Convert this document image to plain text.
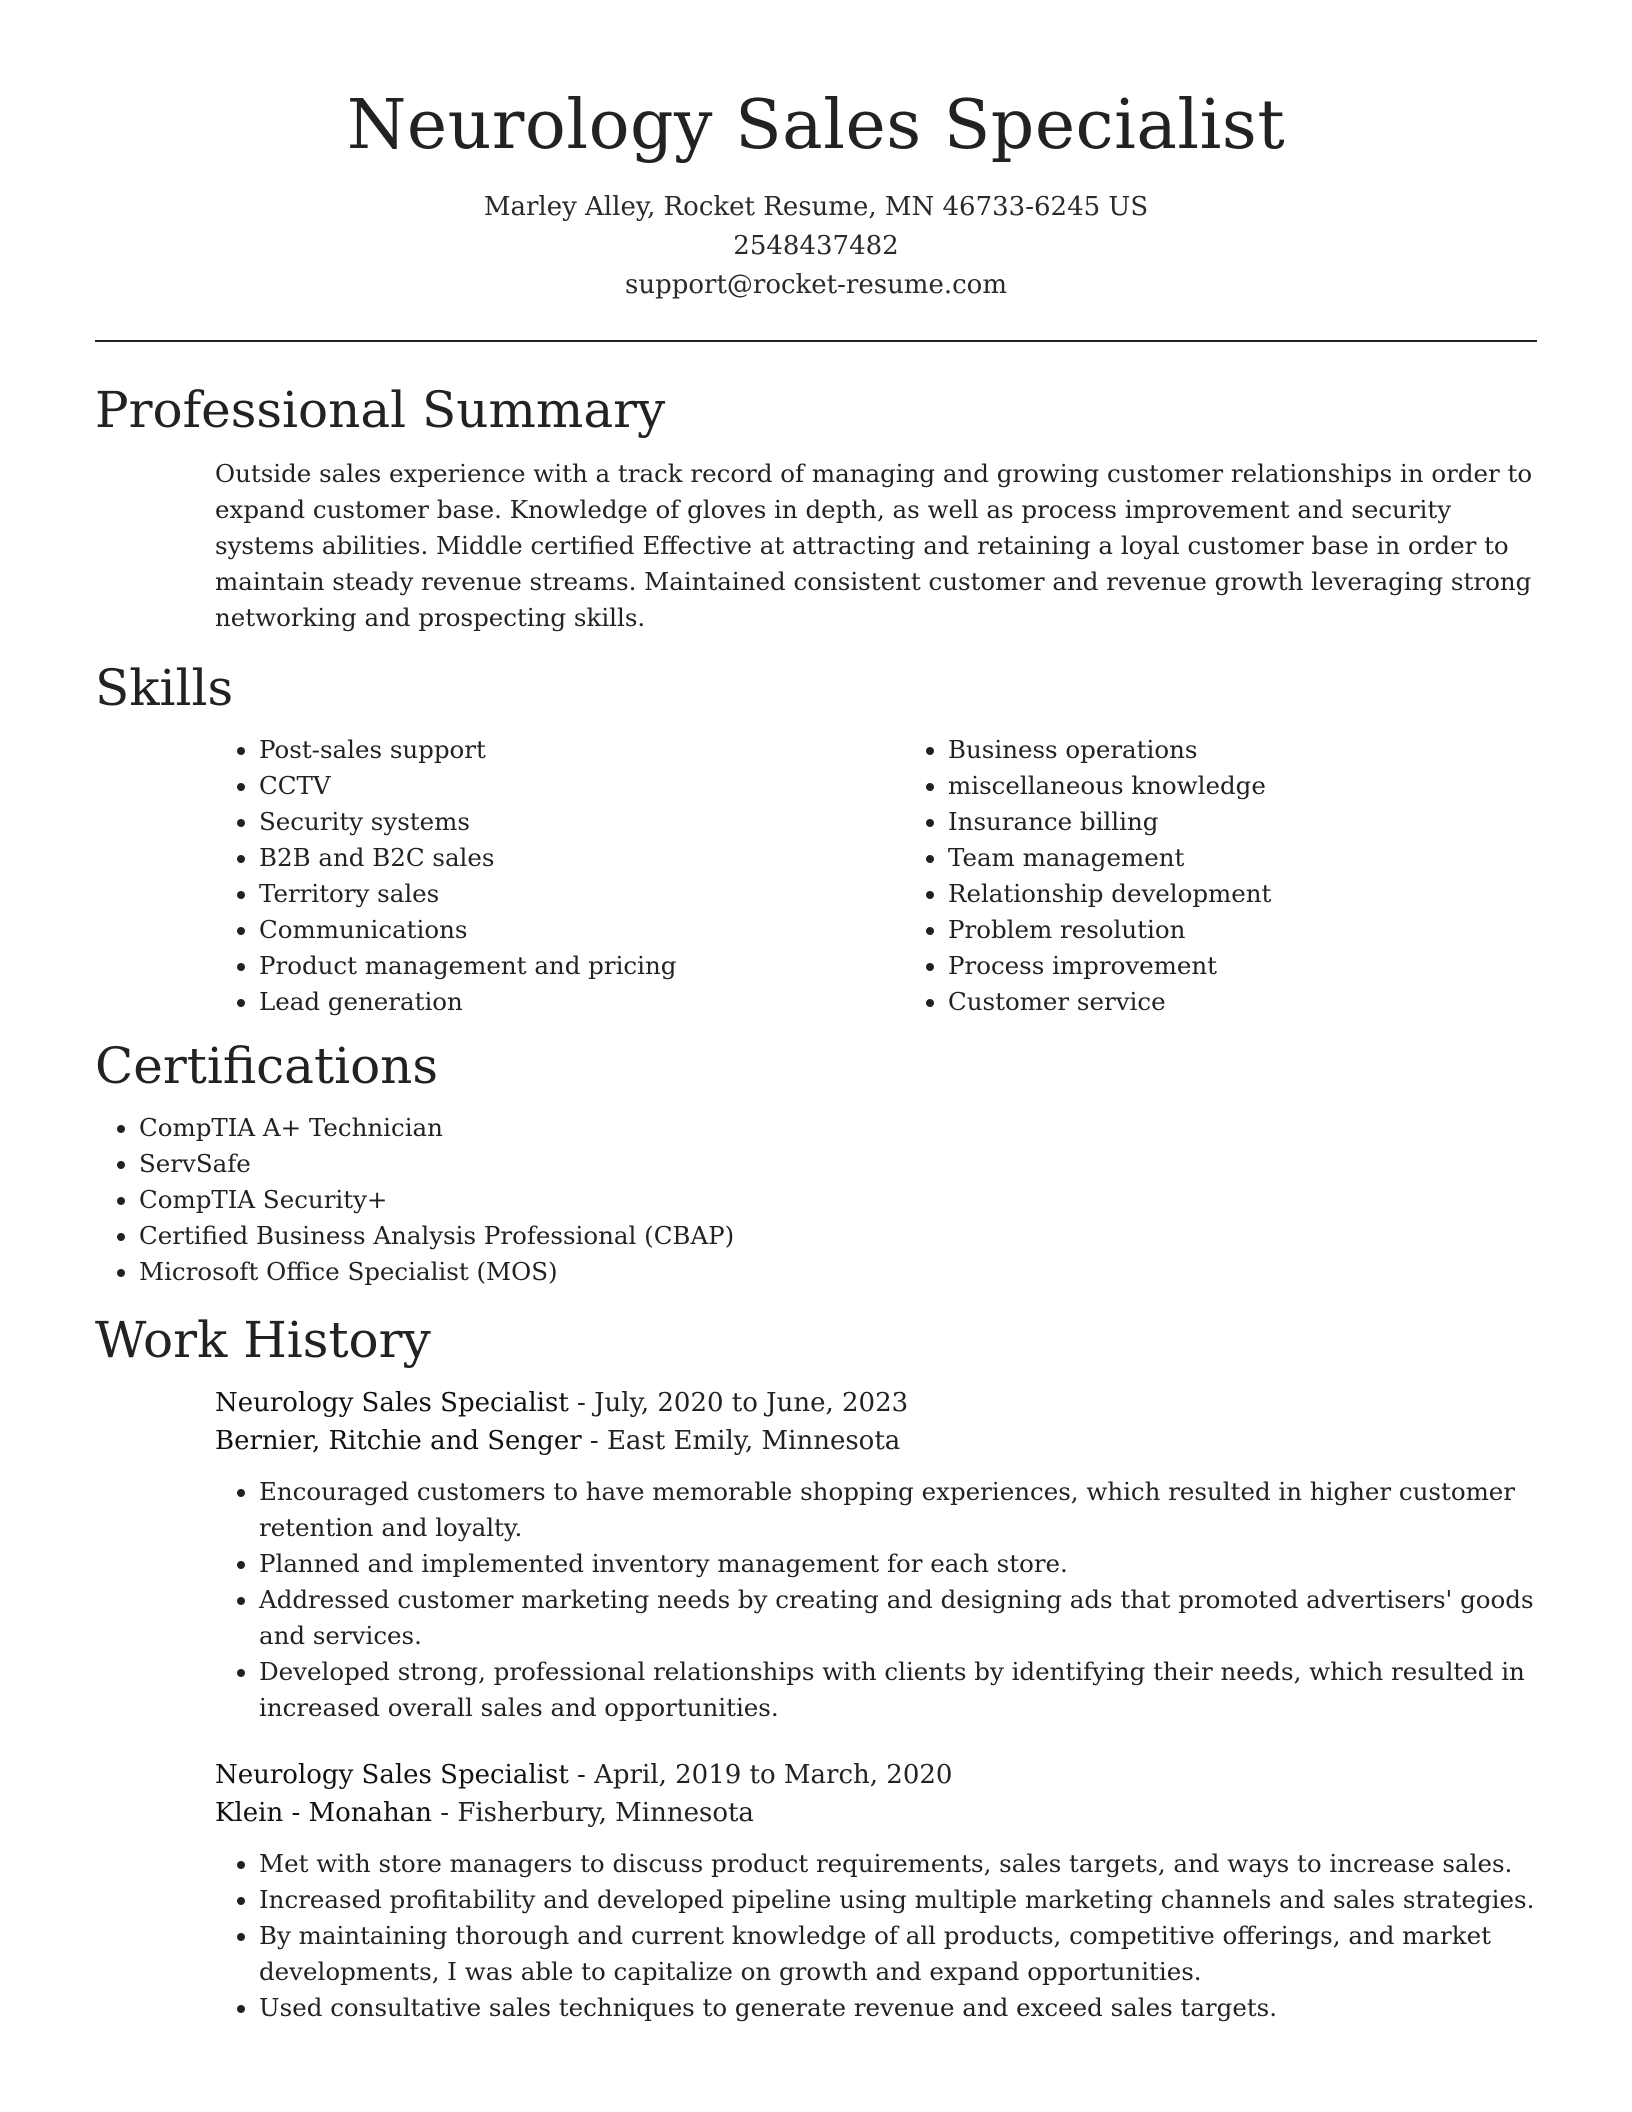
Neurology Sales Specialist
Marley Alley, Rocket Resume, MN 46733-6245 US
2548437482
support@rocket-resume.com
Professional Summary

Outside sales experience with a track record of managing and growing customer relationships in order to expand customer base. Knowledge of gloves in depth, as well as process improvement and security systems abilities. Middle certified Effective at attracting and retaining a loyal customer base in order to maintain steady revenue streams. Maintained consistent customer and revenue growth leveraging strong networking and prospecting skills.

Skills
• Post-sales support
• CCTV
• Security systems
• B2B and B2C sales
• Territory sales
• Communications
• Product management and pricing
• Lead generation
• Business operations
• miscellaneous knowledge
• Insurance billing
• Team management
• Relationship development
• Problem resolution
• Process improvement
• Customer service
Certifications
• CompTIA A+ Technician
• ServSafe
• CompTIA Security+
• Certified Business Analysis Professional (CBAP)
• Microsoft Office Specialist (MOS)
Work History
Neurology Sales Specialist - July, 2020 to June, 2023
Bernier, Ritchie and Senger - East Emily, Minnesota
• Encouraged customers to have memorable shopping experiences, which resulted in higher customer retention and loyalty.
• Planned and implemented inventory management for each store.
• Addressed customer marketing needs by creating and designing ads that promoted advertisers' goods and services.
• Developed strong, professional relationships with clients by identifying their needs, which resulted in increased overall sales and opportunities.
Neurology Sales Specialist - April, 2019 to March, 2020
Klein - Monahan - Fisherbury, Minnesota
• Met with store managers to discuss product requirements, sales targets, and ways to increase sales.
• Increased profitability and developed pipeline using multiple marketing channels and sales strategies.
• By maintaining thorough and current knowledge of all products, competitive offerings, and market developments, I was able to capitalize on growth and expand opportunities.
• Used consultative sales techniques to generate revenue and exceed sales targets.
